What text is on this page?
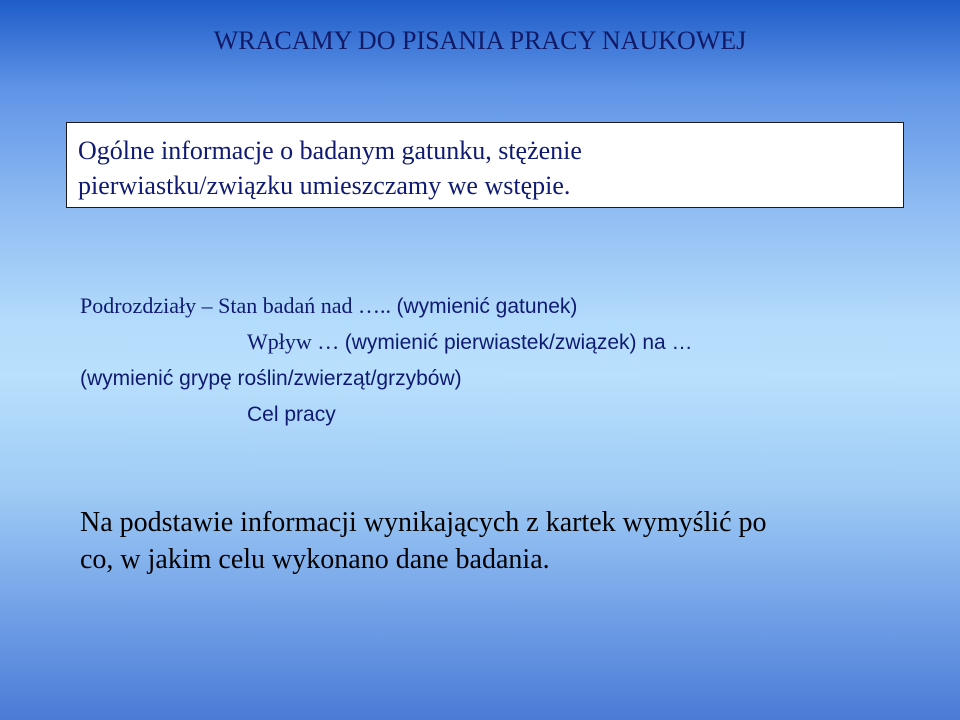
WRACAMY DO PISANIA PRACY NAUKOWEJ

Ogólne informacje o badanym gatunku, stężenie

pierwiastku/związku umieszczamy we wstępie.

Podrozdziały – Stan badań nad ….. (wymienić gatunek)

Wpływ … (wymienić pierwiastek/związek) na …

(wymienić grypę roślin/zwierząt/grzybów)

Cel pracy

Na podstawie informacji wynikających z kartek wymyślić po

co, w jakim celu wykonano dane badania.
